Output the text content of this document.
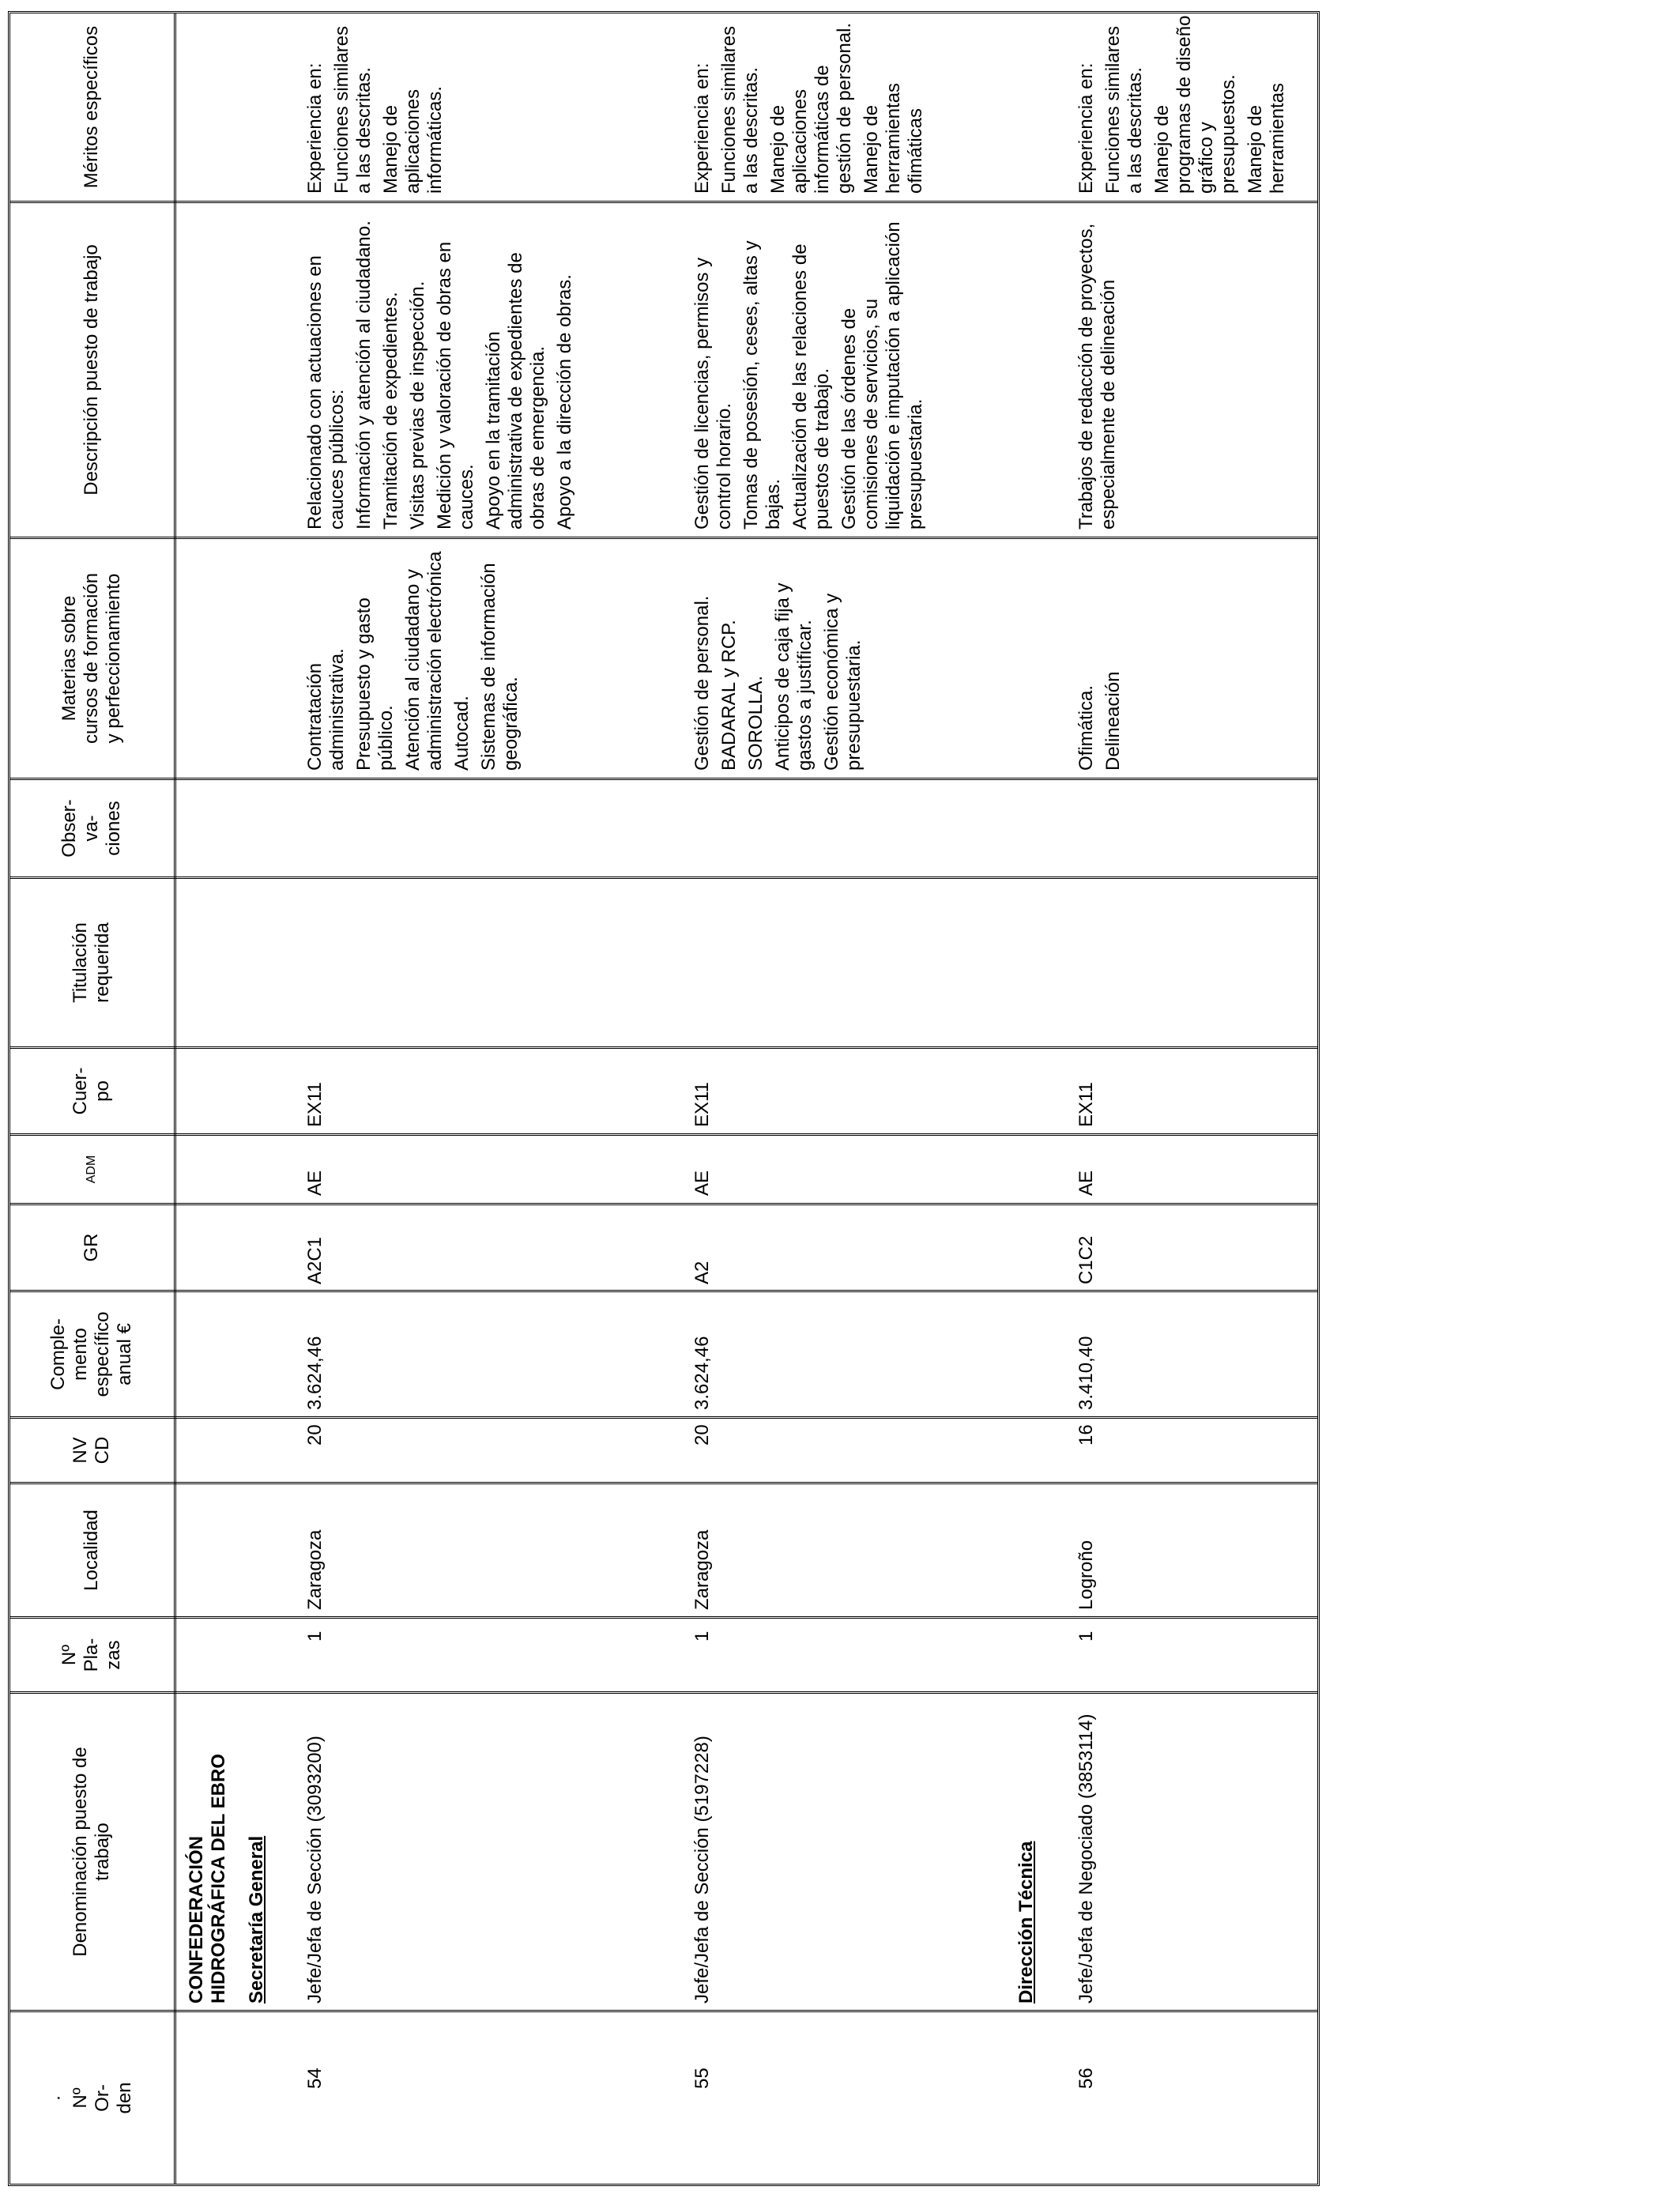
· Nº Or- den
Denominación puesto de trabajo
Nº Pla- zas
Localidad
NV CD
Comple- mento específico anual €
GR
ADM
Cuer- po
Titulación requerida
Obser- va- ciones
Materias sobre cursos de formación y perfeccionamiento
Descripción puesto de trabajo
Méritos específicos
CONFEDERACIÓN HIDROGRÁFICA DEL EBRO Secretaría General
54
Jefe/Jefa de Sección (3093200)
1
Zaragoza
20
3.624,46
A2C1
AE
EX11
Contratación administrativa. Presupuesto y gasto público. Atención al ciudadano y administración electrónica Autocad. Sistemas de información geográfica.
Relacionado con actuaciones en cauces públicos: Información y atención al ciudadano. Tramitación de expedientes. Visitas previas de inspección. Medición y valoración de obras en cauces. Apoyo en la tramitación administrativa de expedientes de obras de emergencia. Apoyo a la dirección de obras.
Experiencia en: Funciones similares a las descritas. Manejo de aplicaciones informáticas.
55
Jefe/Jefa de Sección (5197228)
1
Zaragoza
20
3.624,46
A2
AE
EX11
Gestión de personal. BADARAL y RCP. SOROLLA. Anticipos de caja fija y gastos a justificar. Gestión económica y presupuestaria.
Gestión de licencias, permisos y control horario. Tomas de posesión, ceses, altas y bajas. Actualización de las relaciones de puestos de trabajo. Gestión de las órdenes de comisiones de servicios, su liquidación e imputación a aplicación presupuestaria.
Experiencia en: Funciones similares a las descritas. Manejo de aplicaciones informáticas de gestión de personal. Manejo de herramientas ofimáticas
Dirección Técnica
56
Jefe/Jefa de Negociado (3853114)
1
Logroño
16
3.410,40
C1C2
AE
EX11
Ofimática. Delineación
Trabajos de redacción de proyectos, especialmente de delineación
Experiencia en: Funciones similares a las descritas. Manejo de programas de diseño gráfico y presupuestos. Manejo de herramientas
